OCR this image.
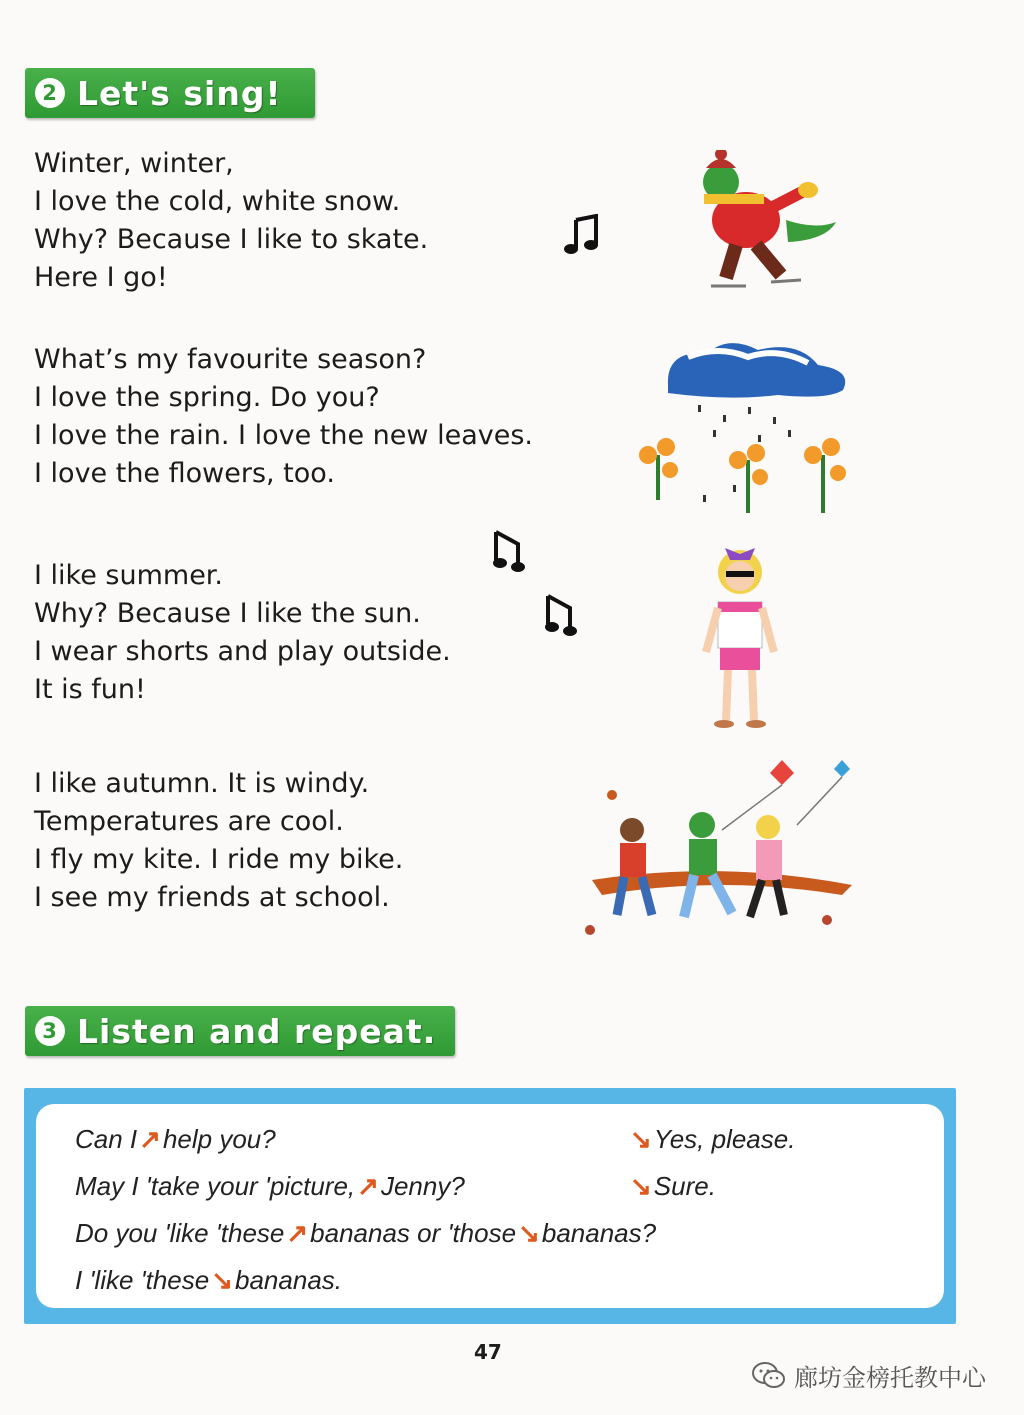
2 Let's sing!
Winter, winter,
I love the cold, white snow.
Why? Because I like to skate.
Here I go!
What’s my favourite season?
I love the spring. Do you?
I love the rain. I love the new leaves.
I love the flowers, too.
I like summer.
Why? Because I like the sun.
I wear shorts and play outside.
It is fun!
I like autumn. It is windy.
Temperatures are cool.
I fly my kite. I ride my bike.
I see my friends at school.
3 Listen and repeat.
Can I↗help you?	↘Yes, please.
May I 'take your 'picture,↗Jenny?	↘Sure.
Do you 'like 'these↗bananas or 'those↘bananas?
I 'like 'these↘bananas.
47
廊坊金榜托教中心
